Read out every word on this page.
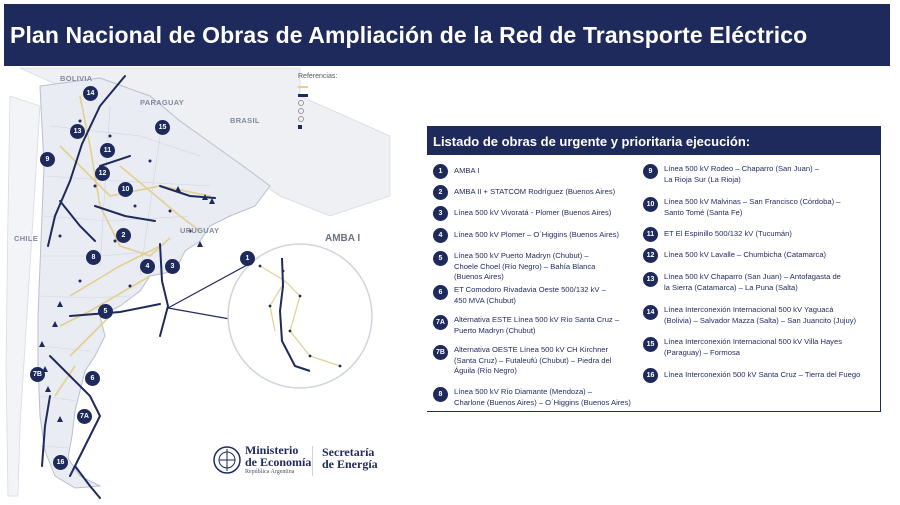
Plan Nacional de Obras de Ampliación de la Red de Transporte Eléctrico
BOLIVIA
PARAGUAY
BRASIL
URUGUAY
CHILE
14
13
11
9
12
15
10
2
3
4
8	1
5
7B
6
7A
16
AMBA I
Referencias:
Listado de obras de urgente y prioritaria ejecución:
1	AMBA I
2	AMBA II + STATCOM Rodríguez (Buenos Aires)
3	Línea 500 kV Vivoratá - Plomer (Buenos Aires)
4	Línea 500 kV Plomer – O´Higgins (Buenos Aires)
5	Línea 500 kV Puerto Madryn (Chubut) –
Choele Choel (Río Negro) – Bahía Blanca
(Buenos Aires)
6	ET Comodoro Rivadavia Oeste 500/132 kV –
450 MVA (Chubut)
7A	Alternativa ESTE Línea 500 kV Río Santa Cruz –
Puerto Madryn (Chubut)
7B	Alternativa OESTE Línea 500 kV CH Kirchner
(Santa Cruz) – Futaleufú (Chubut) – Piedra del
Águila (Río Negro)
8	Línea 500 kV Río Diamante (Mendoza) –
Charlone (Buenos Aires) – O´Higgins (Buenos Aires)
9	Línea 500 kV Rodeo – Chaparro (San Juan) –
La Rioja Sur (La Rioja)
10	Línea 500 kV Malvinas – San Francisco (Córdoba) –
Santo Tomé (Santa Fe)
11	ET El Espinillo 500/132 kV (Tucumán)
12	Línea 500 kV Lavalle – Chumbicha (Catamarca)
13	Línea 500 kV Chaparro (San Juan) – Antofagasta de
la Sierra (Catamarca) – La Puna (Salta)
14	Línea Interconexión Internacional 500 kV Yaguacá
(Bolivia) – Salvador Mazza (Salta) – San Juancito (Jujuy)
15	Línea Interconexión Internacional 500 kV Villa Hayes
(Paraguay) – Formosa
16	Línea Interconexión 500 kV Santa Cruz – Tierra del Fuego
Ministerio
de Economía
República Argentina
Secretaría
de Energía
